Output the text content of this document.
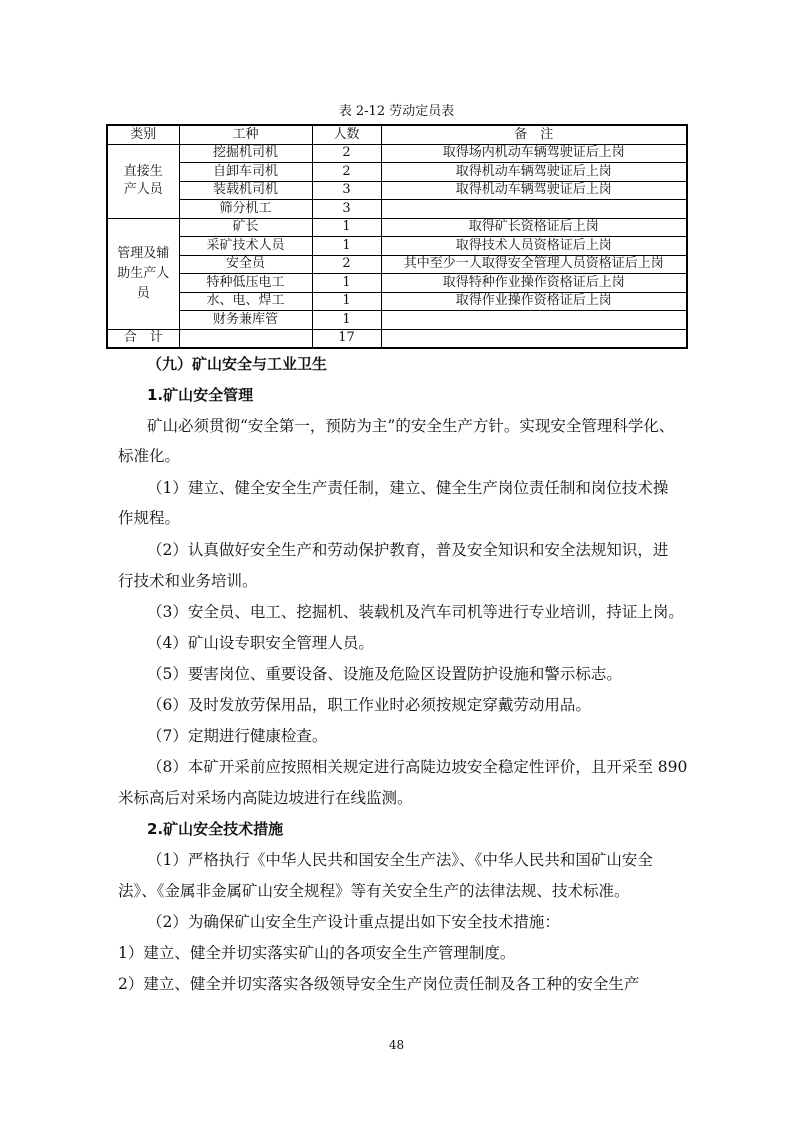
表 2-12 劳动定员表
类别	工种	人数	备　注
直接生产人员	挖掘机司机	2	取得场内机动车辆驾驶证后上岗
	自卸车司机	2	取得机动车辆驾驶证后上岗
	装载机司机	3	取得机动车辆驾驶证后上岗
	筛分机工	3	
管理及辅助生产人员	矿长	1	取得矿长资格证后上岗
	采矿技术人员	1	取得技术人员资格证后上岗
	安全员	2	其中至少一人取得安全管理人员资格证后上岗
	特种低压电工	1	取得特种作业操作资格证后上岗
	水、电、焊工	1	取得作业操作资格证后上岗
	财务兼库管	1	
合　计		17	
（九）矿山安全与工业卫生
1.矿山安全管理
矿山必须贯彻“安全第一，预防为主”的安全生产方针。实现安全管理科学化、
标准化。
（1）建立、健全安全生产责任制，建立、健全生产岗位责任制和岗位技术操
作规程。
（2）认真做好安全生产和劳动保护教育，普及安全知识和安全法规知识，进
行技术和业务培训。
（3）安全员、电工、挖掘机、装载机及汽车司机等进行专业培训，持证上岗。
（4）矿山设专职安全管理人员。
（5）要害岗位、重要设备、设施及危险区设置防护设施和警示标志。
（6）及时发放劳保用品，职工作业时必须按规定穿戴劳动用品。
（7）定期进行健康检查。
（8）本矿开采前应按照相关规定进行高陡边坡安全稳定性评价，且开采至 890
米标高后对采场内高陡边坡进行在线监测。
2.矿山安全技术措施
（1）严格执行《中华人民共和国安全生产法》、《中华人民共和国矿山安全
法》、《金属非金属矿山安全规程》等有关安全生产的法律法规、技术标准。
（2）为确保矿山安全生产设计重点提出如下安全技术措施：
1）建立、健全并切实落实矿山的各项安全生产管理制度。
2）建立、健全并切实落实各级领导安全生产岗位责任制及各工种的安全生产
48
